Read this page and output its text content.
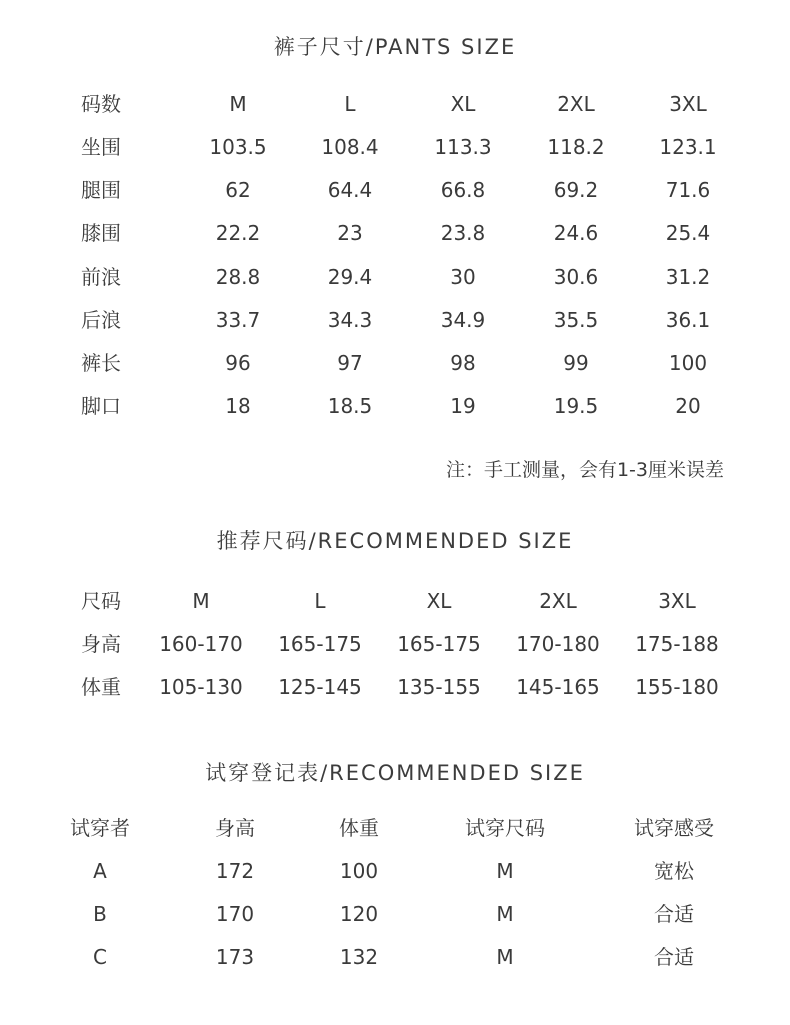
裤子尺寸/PANTS SIZE
码数	M	L	XL	2XL	3XL
坐围	103.5	108.4	113.3	118.2	123.1
腿围	62	64.4	66.8	69.2	71.6
膝围	22.2	23	23.8	24.6	25.4
前浪	28.8	29.4	30	30.6	31.2
后浪	33.7	34.3	34.9	35.5	36.1
裤长	96	97	98	99	100
脚口	18	18.5	19	19.5	20
注：手工测量，会有1-3厘米误差
推荐尺码/RECOMMENDED SIZE
尺码	M	L	XL	2XL	3XL
身高 160-170 165-175 165-175 170-180 175-188
体重 105-130 125-145 135-155 145-165 155-180
试穿登记表/RECOMMENDED SIZE
试穿者	身高	体重	试穿尺码	试穿感受
A	172	100	M	宽松
B	170	120	M	合适
C	173	132	M	合适
